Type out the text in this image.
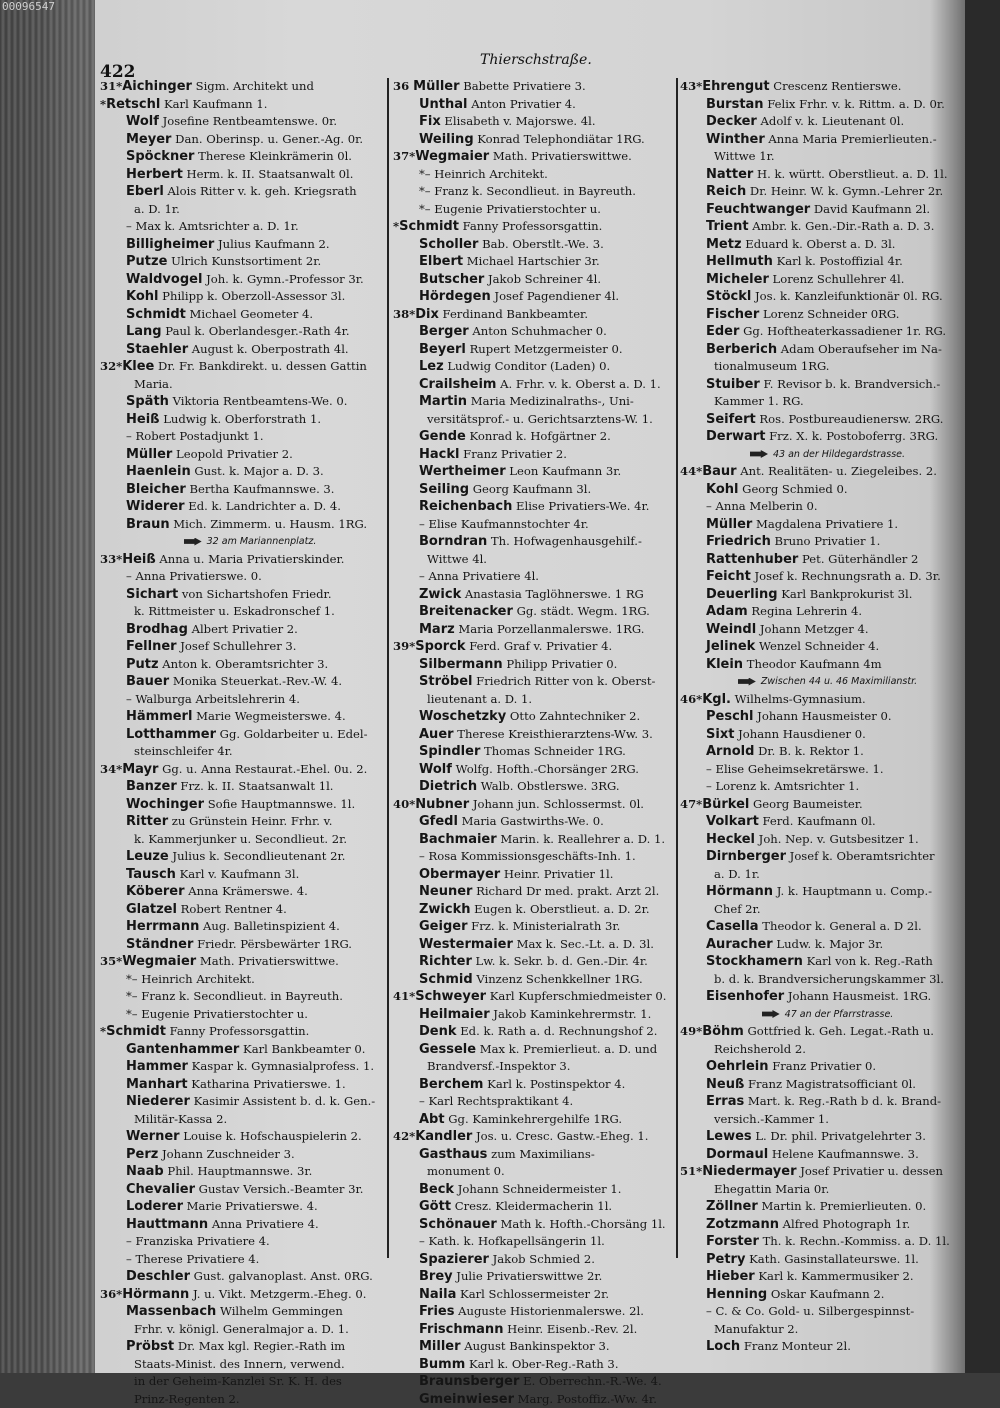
00096547
422
Thierschstraße.
31*Aichinger Sigm. Architekt und
*Retschl Karl Kaufmann 1.
Wolf Josefine Rentbeamtenswe. 0r.
Meyer Dan. Oberinsp. u. Gener.-Ag. 0r.
Spöckner Therese Kleinkrämerin 0l.
Herbert Herm. k. II. Staatsanwalt 0l.
Eberl Alois Ritter v. k. geh. Kriegsrath
a. D. 1r.
– Max k. Amtsrichter a. D. 1r.
Billigheimer Julius Kaufmann 2.
Putze Ulrich Kunstsortiment 2r.
Waldvogel Joh. k. Gymn.-Professor 3r.
Kohl Philipp k. Oberzoll-Assessor 3l.
Schmidt Michael Geometer 4.
Lang Paul k. Oberlandesger.-Rath 4r.
Staehler August k. Oberpostrath 4l.
32*Klee Dr. Fr. Bankdirekt. u. dessen Gattin
Maria.
Späth Viktoria Rentbeamtens-We. 0.
Heiß Ludwig k. Oberforstrath 1.
– Robert Postadjunkt 1.
Müller Leopold Privatier 2.
Haenlein Gust. k. Major a. D. 3.
Bleicher Bertha Kaufmannswe. 3.
Widerer Ed. k. Landrichter a. D. 4.
Braun Mich. Zimmerm. u. Hausm. 1RG.
32 am Mariannenplatz.
33*Heiß Anna u. Maria Privatierskinder.
– Anna Privatierswe. 0.
Sichart von Sichartshofen Friedr.
k. Rittmeister u. Eskadronschef 1.
Brodhag Albert Privatier 2.
Fellner Josef Schullehrer 3.
Putz Anton k. Oberamtsrichter 3.
Bauer Monika Steuerkat.-Rev.-W. 4.
– Walburga Arbeitslehrerin 4.
Hämmerl Marie Wegmeisterswe. 4.
Lotthammer Gg. Goldarbeiter u. Edel-
steinschleifer 4r.
34*Mayr Gg. u. Anna Restaurat.-Ehel. 0u. 2.
Banzer Frz. k. II. Staatsanwalt 1l.
Wochinger Sofie Hauptmannswe. 1l.
Ritter zu Grünstein Heinr. Frhr. v.
k. Kammerjunker u. Secondlieut. 2r.
Leuze Julius k. Secondlieutenant 2r.
Tausch Karl v. Kaufmann 3l.
Köberer Anna Krämerswe. 4.
Glatzel Robert Rentner 4.
Herrmann Aug. Balletinspizient 4.
Ständner Friedr. Përsbewärter 1RG.
35*Wegmaier Math. Privatierswittwe.
*– Heinrich Architekt.
*– Franz k. Secondlieut. in Bayreuth.
*– Eugenie Privatierstochter u.
*Schmidt Fanny Professorsgattin.
Gantenhammer Karl Bankbeamter 0.
Hammer Kaspar k. Gymnasialprofess. 1.
Manhart Katharina Privatierswe. 1.
Niederer Kasimir Assistent b. d. k. Gen.-
Militär-Kassa 2.
Werner Louise k. Hofschauspielerin 2.
Perz Johann Zuschneider 3.
Naab Phil. Hauptmannswe. 3r.
Chevalier Gustav Versich.-Beamter 3r.
Loderer Marie Privatierswe. 4.
Hauttmann Anna Privatiere 4.
– Franziska Privatiere 4.
– Therese Privatiere 4.
Deschler Gust. galvanoplast. Anst. 0RG.
36*Hörmann J. u. Vikt. Metzgerm.-Eheg. 0.
Massenbach Wilhelm Gemmingen
Frhr. v. königl. Generalmajor a. D. 1.
Pröbst Dr. Max kgl. Regier.-Rath im
Staats-Minist. des Innern, verwend.
in der Geheim-Kanzlei Sr. K. H. des
Prinz-Regenten 2.
36 Müller Babette Privatiere 3.
Unthal Anton Privatier 4.
Fix Elisabeth v. Majorswe. 4l.
Weiling Konrad Telephondiätar 1RG.
37*Wegmaier Math. Privatierswittwe.
*– Heinrich Architekt.
*– Franz k. Secondlieut. in Bayreuth.
*– Eugenie Privatierstochter u.
*Schmidt Fanny Professorsgattin.
Scholler Bab. Oberstlt.-We. 3.
Elbert Michael Hartschier 3r.
Butscher Jakob Schreiner 4l.
Hördegen Josef Pagendiener 4l.
38*Dix Ferdinand Bankbeamter.
Berger Anton Schuhmacher 0.
Beyerl Rupert Metzgermeister 0.
Lez Ludwig Conditor (Laden) 0.
Crailsheim A. Frhr. v. k. Oberst a. D. 1.
Martin Maria Medizinalraths-, Uni-
versitätsprof.- u. Gerichtsarztens-W. 1.
Gende Konrad k. Hofgärtner 2.
Hackl Franz Privatier 2.
Wertheimer Leon Kaufmann 3r.
Seiling Georg Kaufmann 3l.
Reichenbach Elise Privatiers-We. 4r.
– Elise Kaufmannstochter 4r.
Borndran Th. Hofwagenhausgehilf.-
Wittwe 4l.
– Anna Privatiere 4l.
Zwick Anastasia Taglöhnerswe. 1 RG
Breitenacker Gg. städt. Wegm. 1RG.
Marz Maria Porzellanmalerswe. 1RG.
39*Sporck Ferd. Graf v. Privatier 4.
Silbermann Philipp Privatier 0.
Ströbel Friedrich Ritter von k. Oberst-
lieutenant a. D. 1.
Woschetzky Otto Zahntechniker 2.
Auer Therese Kreisthierarztens-Ww. 3.
Spindler Thomas Schneider 1RG.
Wolf Wolfg. Hofth.-Chorsänger 2RG.
Dietrich Walb. Obstlerswe. 3RG.
40*Nubner Johann jun. Schlossermst. 0l.
Gfedl Maria Gastwirths-We. 0.
Bachmaier Marin. k. Reallehrer a. D. 1.
– Rosa Kommissionsgeschäfts-Inh. 1.
Obermayer Heinr. Privatier 1l.
Neuner Richard Dr med. prakt. Arzt 2l.
Zwickh Eugen k. Oberstlieut. a. D. 2r.
Geiger Frz. k. Ministerialrath 3r.
Westermaier Max k. Sec.-Lt. a. D. 3l.
Richter Lw. k. Sekr. b. d. Gen.-Dir. 4r.
Schmid Vinzenz Schenkkellner 1RG.
41*Schweyer Karl Kupferschmiedmeister 0.
Heilmaier Jakob Kaminkehrermstr. 1.
Denk Ed. k. Rath a. d. Rechnungshof 2.
Gessele Max k. Premierlieut. a. D. und
Brandversf.-Inspektor 3.
Berchem Karl k. Postinspektor 4.
– Karl Rechtspraktikant 4.
Abt Gg. Kaminkehrergehilfe 1RG.
42*Kandler Jos. u. Cresc. Gastw.-Eheg. 1.
Gasthaus zum Maximilians-
monument 0.
Beck Johann Schneidermeister 1.
Gött Cresz. Kleidermacherin 1l.
Schönauer Math k. Hofth.-Chorsäng 1l.
– Kath. k. Hofkapellsängerin 1l.
Spazierer Jakob Schmied 2.
Brey Julie Privatierswittwe 2r.
Naila Karl Schlossermeister 2r.
Fries Auguste Historienmalerswe. 2l.
Frischmann Heinr. Eisenb.-Rev. 2l.
Miller August Bankinspektor 3.
Bumm Karl k. Ober-Reg.-Rath 3.
Braunsberger E. Oberrechn.-R.-We. 4.
Gmeinwieser Marg. Postoffiz.-Ww. 4r.
43*Ehrengut Crescenz Rentierswe.
Burstan Felix Frhr. v. k. Rittm. a. D. 0r.
Decker Adolf v. k. Lieutenant 0l.
Winther Anna Maria Premierlieuten.-
Wittwe 1r.
Natter H. k. württ. Oberstlieut. a. D. 1l.
Reich Dr. Heinr. W. k. Gymn.-Lehrer 2r.
Feuchtwanger David Kaufmann 2l.
Trient Ambr. k. Gen.-Dir.-Rath a. D. 3.
Metz Eduard k. Oberst a. D. 3l.
Hellmuth Karl k. Postoffizial 4r.
Micheler Lorenz Schullehrer 4l.
Stöckl Jos. k. Kanzleifunktionär 0l. RG.
Fischer Lorenz Schneider 0RG.
Eder Gg. Hoftheaterkassadiener 1r. RG.
Berberich Adam Oberaufseher im Na-
tionalmuseum 1RG.
Stuiber F. Revisor b. k. Brandversich.-
Kammer 1. RG.
Seifert Ros. Postbureaudienersw. 2RG.
Derwart Frz. X. k. Postoboferrg. 3RG.
43 an der Hildegardstrasse.
44*Baur Ant. Realitäten- u. Ziegeleibes. 2.
Kohl Georg Schmied 0.
– Anna Melberin 0.
Müller Magdalena Privatiere 1.
Friedrich Bruno Privatier 1.
Rattenhuber Pet. Güterhändler 2
Feicht Josef k. Rechnungsrath a. D. 3r.
Deuerling Karl Bankprokurist 3l.
Adam Regina Lehrerin 4.
Weindl Johann Metzger 4.
Jelinek Wenzel Schneider 4.
Klein Theodor Kaufmann 4m
Zwischen 44 u. 46 Maximilianstr.
46*Kgl. Wilhelms-Gymnasium.
Peschl Johann Hausmeister 0.
Sixt Johann Hausdiener 0.
Arnold Dr. B. k. Rektor 1.
– Elise Geheimsekretärswe. 1.
– Lorenz k. Amtsrichter 1.
47*Bürkel Georg Baumeister.
Volkart Ferd. Kaufmann 0l.
Heckel Joh. Nep. v. Gutsbesitzer 1.
Dirnberger Josef k. Oberamtsrichter
a. D. 1r.
Hörmann J. k. Hauptmann u. Comp.-
Chef 2r.
Casella Theodor k. General a. D 2l.
Auracher Ludw. k. Major 3r.
Stockhamern Karl von k. Reg.-Rath
b. d. k. Brandversicherungskammer 3l.
Eisenhofer Johann Hausmeist. 1RG.
47 an der Pfarrstrasse.
49*Böhm Gottfried k. Geh. Legat.-Rath u.
Reichsherold 2.
Oehrlein Franz Privatier 0.
Neuß Franz Magistratsofficiant 0l.
Erras Mart. k. Reg.-Rath b d. k. Brand-
versich.-Kammer 1.
Lewes L. Dr. phil. Privatgelehrter 3.
Dormaul Helene Kaufmannswe. 3.
51*Niedermayer Josef Privatier u. dessen
Ehegattin Maria 0r.
Zöllner Martin k. Premierlieuten. 0.
Zotzmann Alfred Photograph 1r.
Forster Th. k. Rechn.-Kommiss. a. D. 1l.
Petry Kath. Gasinstallateurswe. 1l.
Hieber Karl k. Kammermusiker 2.
Henning Oskar Kaufmann 2.
– C. & Co. Gold- u. Silbergespinnst-
Manufaktur 2.
Loch Franz Monteur 2l.
